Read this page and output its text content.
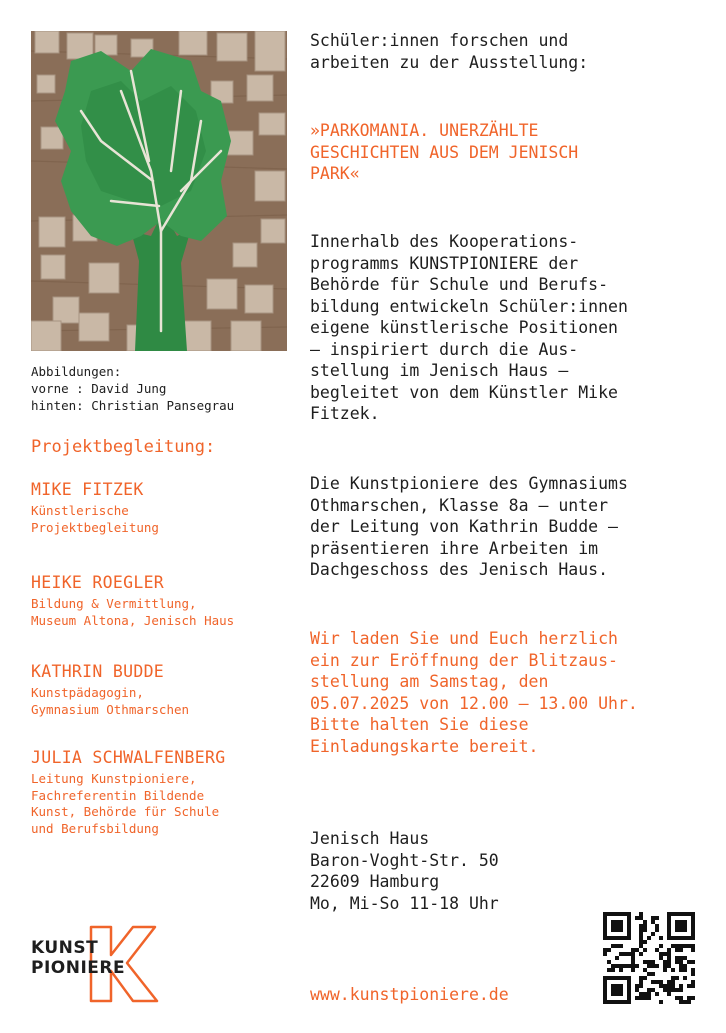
Abbildungen:
vorne : David Jung
hinten: Christian Pansegrau
Projektbegleitung:
MIKE FITZEK
Künstlerische
Projektbegleitung
HEIKE ROEGLER
Bildung & Vermittlung,
Museum Altona, Jenisch Haus
KATHRIN BUDDE
Kunstpädagogin,
Gymnasium Othmarschen
JULIA SCHWALFENBERG
Leitung Kunstpioniere,
Fachreferentin Bildende
Kunst, Behörde für Schule
und Berufsbildung
Schüler:innen forschen und
arbeiten zu der Ausstellung:
»PARKOMANIA. UNERZÄHLTE
GESCHICHTEN AUS DEM JENISCH
PARK«
Innerhalb des Kooperations-
programms KUNSTPIONIERE der
Behörde für Schule und Berufs-
bildung entwickeln Schüler:innen
eigene künstlerische Positionen
– inspiriert durch die Aus-
stellung im Jenisch Haus –
begleitet von dem Künstler Mike
Fitzek.
Die Kunstpioniere des Gymnasiums
Othmarschen, Klasse 8a – unter
der Leitung von Kathrin Budde –
präsentieren ihre Arbeiten im
Dachgeschoss des Jenisch Haus.
Wir laden Sie und Euch herzlich
ein zur Eröffnung der Blitzaus-
stellung am Samstag, den
05.07.2025 von 12.00 – 13.00 Uhr.
Bitte halten Sie diese
Einladungskarte bereit.
Jenisch Haus
Baron-Voght-Str. 50
22609 Hamburg
Mo, Mi-So 11-18 Uhr
www.kunstpioniere.de
KUNST
PIONIERE
